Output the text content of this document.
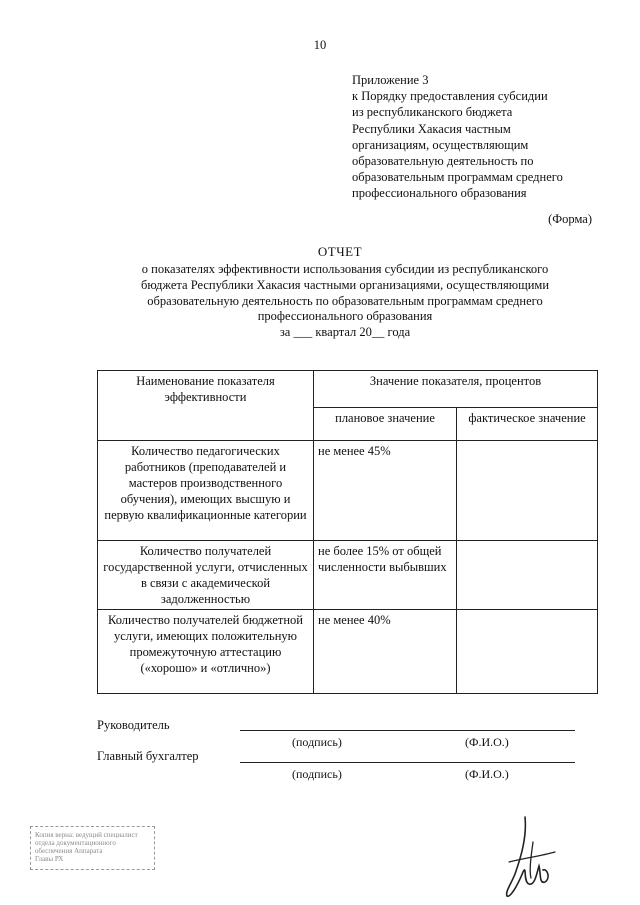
10
Приложение 3
к Порядку предоставления субсидии
из республиканского бюджета
Республики Хакасия частным
организациям, осуществляющим
образовательную деятельность по
образовательным программам среднего
профессионального образования
(Форма)
ОТЧЕТ
о показателях эффективности использования субсидии из республиканского
бюджета Республики Хакасия частными организациями, осуществляющими
образовательную деятельность по образовательным программам среднего
профессионального образования
за ___ квартал 20__ года
Наименование показателя эффективности	Значение показателя, процентов	
	плановое значение	фактическое значение
Количество педагогических работников (преподавателей и мастеров производственного обучения), имеющих высшую и первую квалификационные категории	не менее 45%	
Количество получателей государственной услуги, отчисленных в связи с академической задолженностью	не более 15% от общей численности выбывших	
Количество получателей бюджетной услуги, имеющих положительную промежуточную аттестацию («хорошо» и «отлично»)	не менее 40%	
Руководитель
(подпись)	(Ф.И.О.)
Главный бухгалтер
(подпись)	(Ф.И.О.)
Копия верна: ведущий специалист
отдела документационного
обеспечения Аппарата
Главы РХ
